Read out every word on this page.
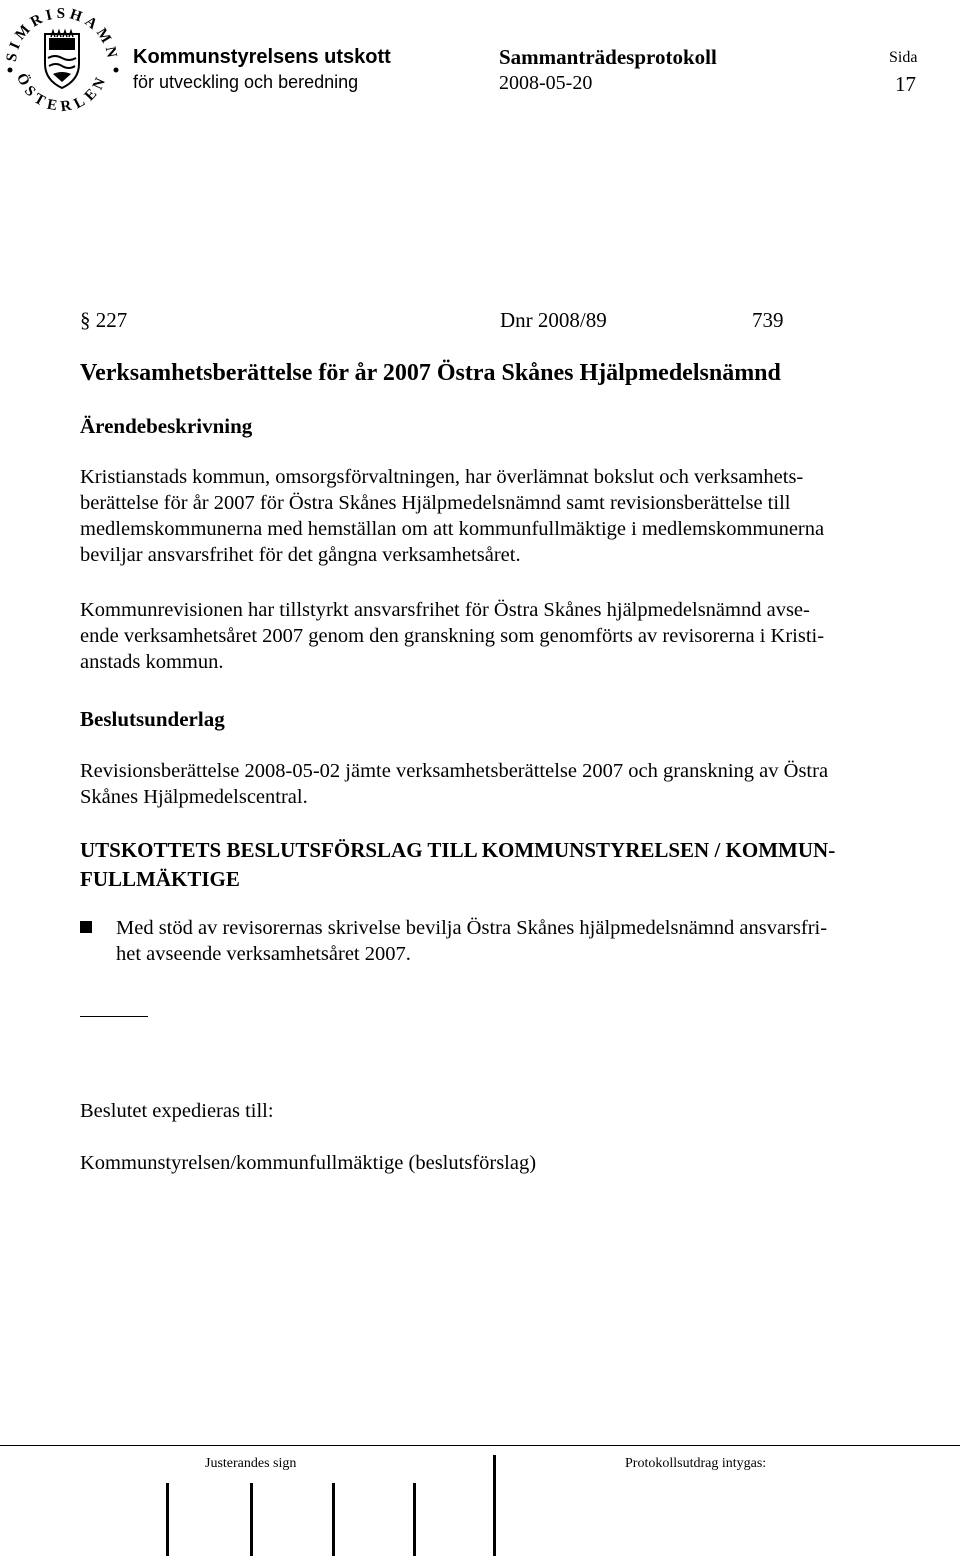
SIMRISHAMN
ÖSTERLEN
Kommunstyrelsens utskott
för utveckling och beredning
Sammanträdesprotokoll
2008-05-20
Sida
17
§ 227	Dnr 2008/89	739
Verksamhetsberättelse för år 2007 Östra Skånes Hjälpmedelsnämnd
Ärendebeskrivning
Kristianstads kommun, omsorgsförvaltningen, har överlämnat bokslut och verksamhets-
berättelse för år 2007 för Östra Skånes Hjälpmedelsnämnd samt revisionsberättelse till
medlemskommunerna med hemställan om att kommunfullmäktige i medlemskommunerna
beviljar ansvarsfrihet för det gångna verksamhetsåret.
Kommunrevisionen har tillstyrkt ansvarsfrihet för Östra Skånes hjälpmedelsnämnd avse-
ende verksamhetsåret 2007 genom den granskning som genomförts av revisorerna i Kristi-
anstads kommun.
Beslutsunderlag
Revisionsberättelse 2008-05-02 jämte verksamhetsberättelse 2007 och granskning av Östra
Skånes Hjälpmedelscentral.
UTSKOTTETS BESLUTSFÖRSLAG TILL KOMMUNSTYRELSEN / KOMMUN-
FULLMÄKTIGE
Med stöd av revisorernas skrivelse bevilja Östra Skånes hjälpmedelsnämnd ansvarsfri-
het avseende verksamhetsåret 2007.
Beslutet expedieras till:
Kommunstyrelsen/kommunfullmäktige (beslutsförslag)
Justerandes sign	Protokollsutdrag intygas:
